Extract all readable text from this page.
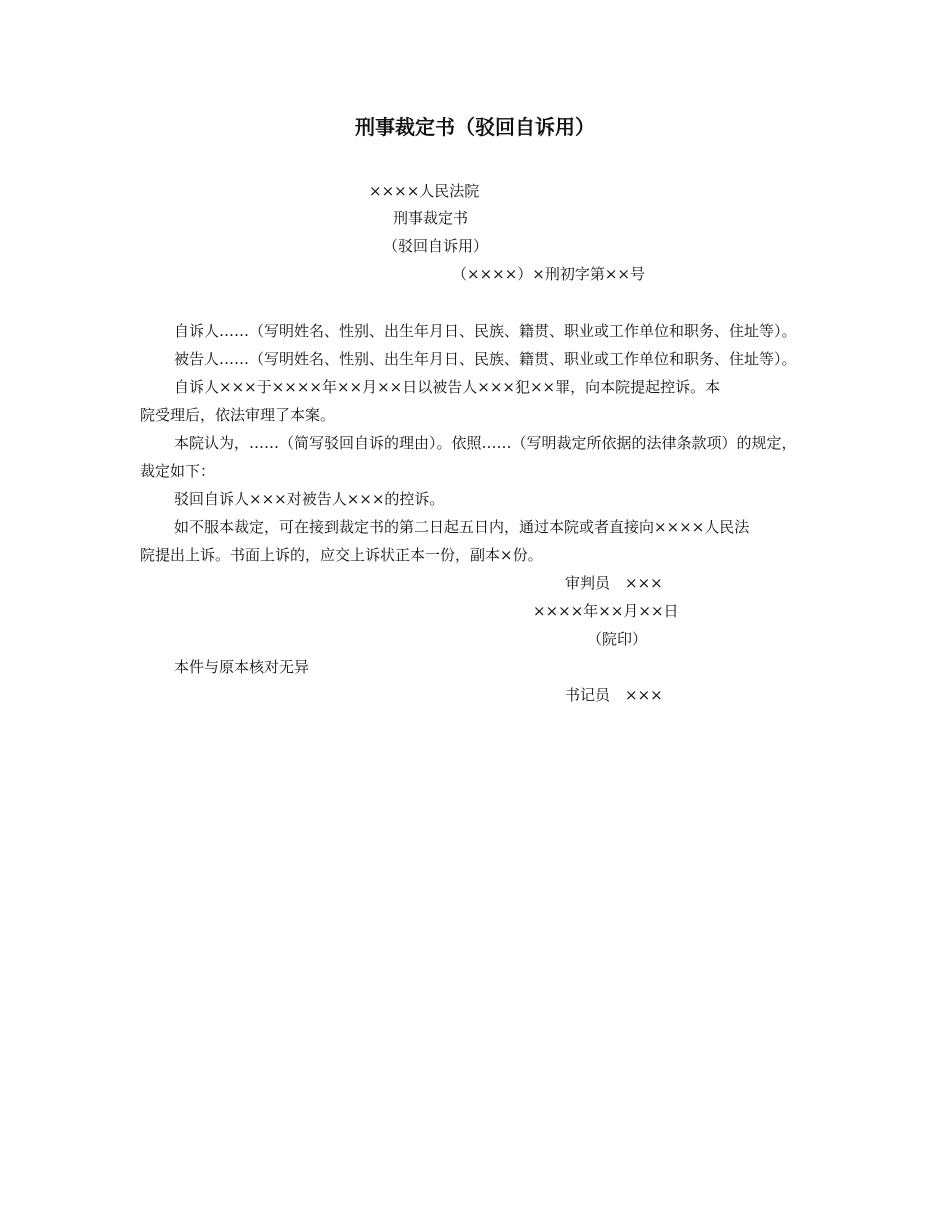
刑事裁定书（驳回自诉用）
××××人民法院
刑事裁定书
（驳回自诉用）
（××××）×刑初字第××号
自诉人……（写明姓名、性别、出生年月日、民族、籍贯、职业或工作单位和职务、住址等）。
被告人……（写明姓名、性别、出生年月日、民族、籍贯、职业或工作单位和职务、住址等）。
自诉人×××于××××年××月××日以被告人×××犯××罪，向本院提起控诉。本
院受理后，依法审理了本案。
本院认为，……（简写驳回自诉的理由）。依照……（写明裁定所依据的法律条款项）的规定，
裁定如下：
驳回自诉人×××对被告人×××的控诉。
如不服本裁定，可在接到裁定书的第二日起五日内，通过本院或者直接向××××人民法
院提出上诉。书面上诉的，应交上诉状正本一份，副本×份。
审判员　×××
××××年××月××日
（院印）
本件与原本核对无异
书记员　×××
